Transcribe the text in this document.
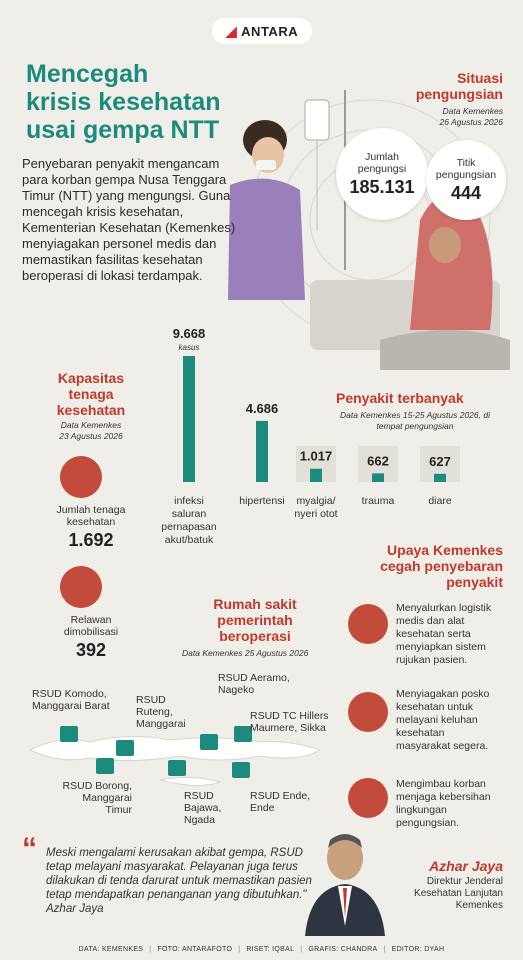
◢ ANTARA
Mencegah
krisis kesehatan
usai gempa NTT
Penyebaran penyakit mengancam para korban gempa Nusa Tenggara Timur (NTT) yang mengungsi. Guna mencegah krisis kesehatan, Kementerian Kesehatan (Kemenkes) menyiagakan personel medis dan memastikan fasilitas kesehatan beroperasi di lokasi terdampak.
Situasi
pengungsian
Data Kemenkes
26 Agustus 2026
Jumlah
pengungsi
185.131
Titik
pengungsian
444
Kapasitas
tenaga
kesehatan
Data Kemenkes
23 Agustus 2026
Jumlah tenaga
kesehatan
1.692
Relawan
dimobilisasi
392
Penyakit terbanyak
Data Kemenkes 15-25 Agustus 2026, di tempat pengungsian
9.668
kasus
infeksi
saluran
pernapasan
akut/batuk
4.686
hipertensi
1.017
myalgia/
nyeri otot
662
trauma
627
diare
Rumah sakit
pemerintah
beroperasi
Data Kemenkes 25 Agustus 2026
RSUD Komodo,
Manggarai Barat	RSUD
Ruteng,
Manggarai
RSUD Aeramo,
Nageko
RSUD TC Hillers
Maumere, Sikka
RSUD Borong,
Manggarai
Timur
RSUD
Bajawa,
Ngada
RSUD Ende,
Ende
Upaya Kemenkes
cegah penyebaran
penyakit
Menyalurkan logistik
medis dan alat
kesehatan serta
menyiapkan sistem
rujukan pasien.
Menyiagakan posko
kesehatan untuk
melayani keluhan
kesehatan
masyarakat segera.
Mengimbau korban
menjaga kebersihan
lingkungan
pengungsian.
“ Meski mengalami kerusakan akibat gempa, RSUD tetap melayani masyarakat. Pelayanan juga terus dilakukan di tenda darurat untuk memastikan pasien tetap mendapatkan penanganan yang dibutuhkan." Azhar Jaya
Azhar Jaya
Direktur Jenderal
Kesehatan Lanjutan
Kemenkes
DATA: KEMENKES | FOTO: ANTARAFOTO | RISET: IQBAL | GRAFIS: CHANDRA | EDITOR: DYAH
